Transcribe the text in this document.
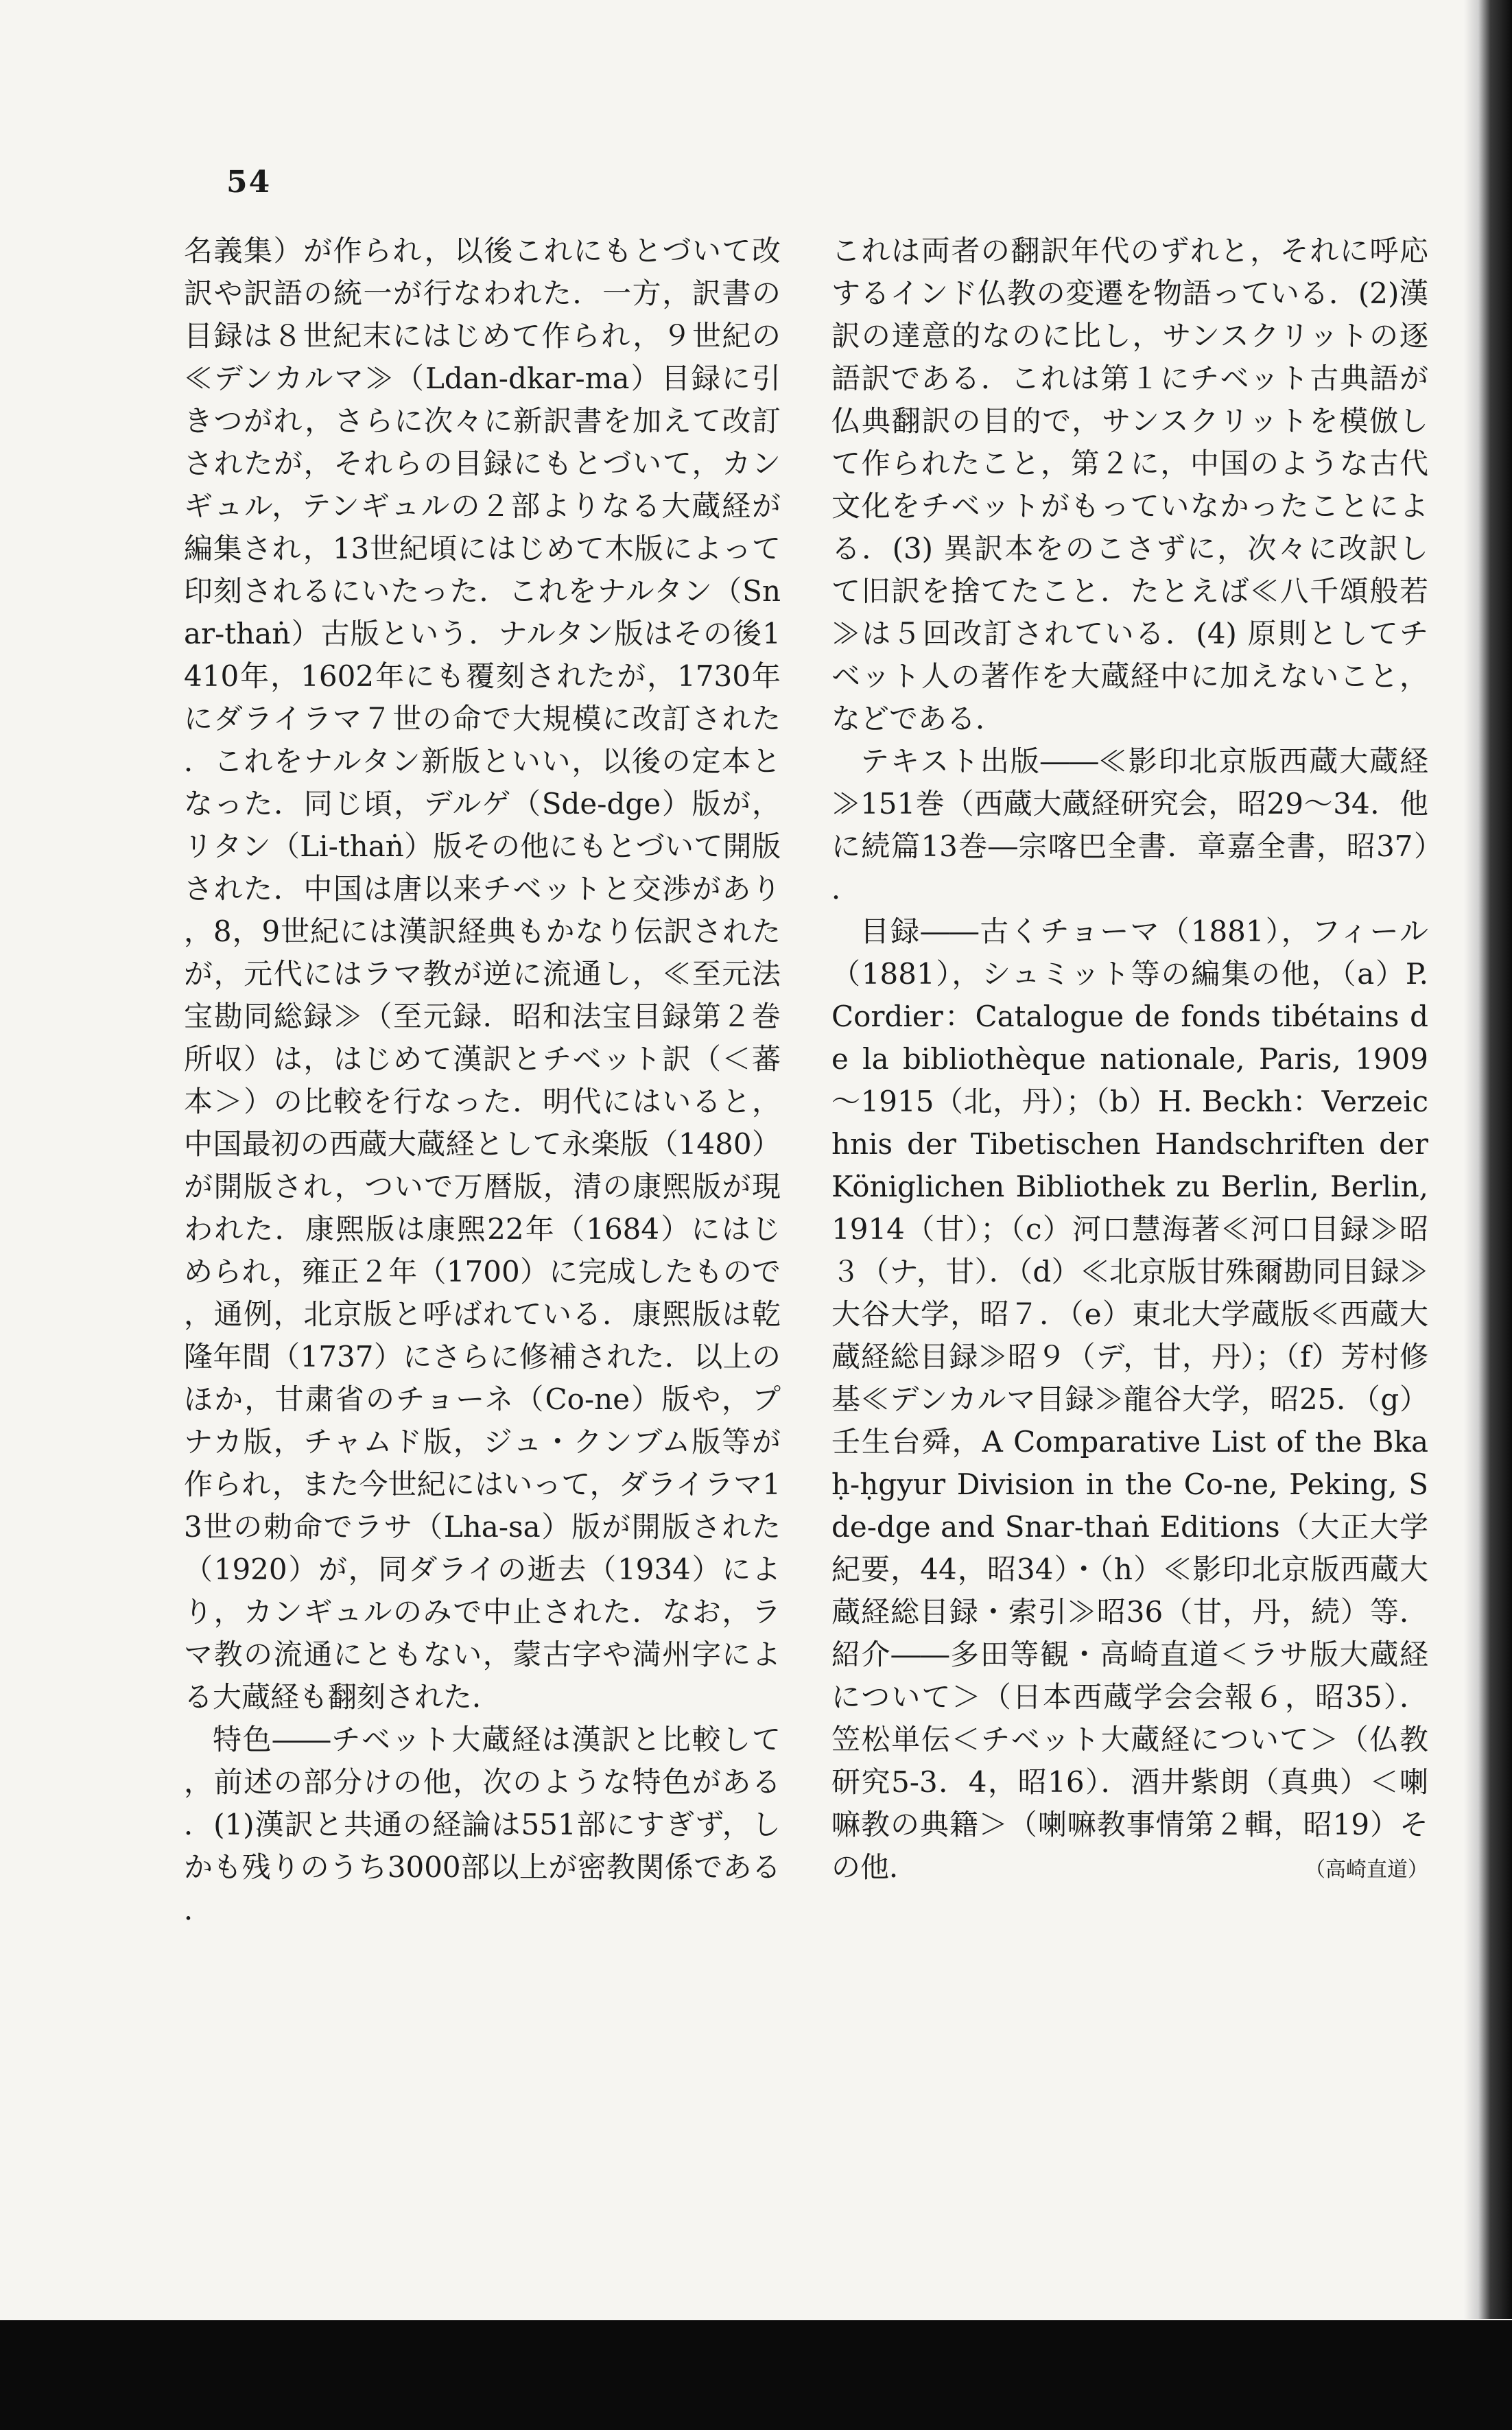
54

名義集）が作られ，以後これにもとづいて改訳や訳語の統一が行なわれた．一方，訳書の目録は８世紀末にはじめて作られ，９世紀の≪デンカルマ≫（Ldan-dkar-ma）目録に引きつがれ，さらに次々に新訳書を加えて改訂されたが，それらの目録にもとづいて，カンギュル，テンギュルの２部よりなる大蔵経が編集され，13世紀頃にはじめて木版によって印刻されるにいたった．これをナルタン（Snar-thaṅ）古版という．ナルタン版はその後1410年，1602年にも覆刻されたが，1730年にダライラマ７世の命で大規模に改訂された．これをナルタン新版といい，以後の定本となった．同じ頃，デルゲ（Sde-dge）版が，リタン（Li-thaṅ）版その他にもとづいて開版された．中国は唐以来チベットと交渉があり，8，9世紀には漢訳経典もかなり伝訳されたが，元代にはラマ教が逆に流通し，≪至元法宝勘同総録≫（至元録．昭和法宝目録第２巻所収）は，はじめて漢訳とチベット訳（＜蕃本＞）の比較を行なった．明代にはいると，中国最初の西蔵大蔵経として永楽版（1480）が開版され，ついで万暦版，清の康煕版が現われた．康煕版は康煕22年（1684）にはじめられ，雍正２年（1700）に完成したもので，通例，北京版と呼ばれている．康煕版は乾隆年間（1737）にさらに修補された．以上のほか，甘粛省のチョーネ（Co-ne）版や，プナカ版，チャムド版，ジュ・クンブム版等が作られ，また今世紀にはいって，ダライラマ13世の勅命でラサ（Lha-sa）版が開版された（1920）が，同ダライの逝去（1934）により，カンギュルのみで中止された．なお，ラマ教の流通にともない，蒙古字や満州字による大蔵経も翻刻された．

特色――チベット大蔵経は漢訳と比較して，前述の部分けの他，次のような特色がある．(1)漢訳と共通の経論は551部にすぎず，しかも残りのうち3000部以上が密教関係である．

これは両者の翻訳年代のずれと，それに呼応するインド仏教の変遷を物語っている．(2)漢訳の達意的なのに比し，サンスクリットの逐語訳である．これは第１にチベット古典語が仏典翻訳の目的で，サンスクリットを模倣して作られたこと，第２に，中国のような古代文化をチベットがもっていなかったことによる．(3) 異訳本をのこさずに，次々に改訳して旧訳を捨てたこと．たとえば≪八千頌般若≫は５回改訂されている．(4) 原則としてチベット人の著作を大蔵経中に加えないこと，などである．

テキスト出版――≪影印北京版西蔵大蔵経≫151巻（西蔵大蔵経研究会，昭29～34．他に続篇13巻―宗喀巴全書．章嘉全書，昭37）．

目録――古くチョーマ（1881），フィール（1881），シュミット等の編集の他，（a）P. Cordier：Catalogue de fonds tibétains de la bibliothèque nationale, Paris, 1909～1915（北，丹）；（b）H. Beckh：Verzeichnis der Tibetischen Handschriften der Königlichen Bibliothek zu Berlin, Berlin, 1914（甘）；（c）河口慧海著≪河口目録≫昭３（ナ，甘）．（d）≪北京版甘殊爾勘同目録≫大谷大学，昭７．（e）東北大学蔵版≪西蔵大蔵経総目録≫昭９（デ，甘，丹）；（f）芳村修基≪デンカルマ目録≫龍谷大学，昭25．（g）壬生台舜，A Comparative List of the Bkaḥ-ḥgyur Division in the Co-ne, Peking, Sde-dge and Snar-thaṅ Editions（大正大学紀要，44，昭34）・（h）≪影印北京版西蔵大蔵経総目録・索引≫昭36（甘，丹，続）等．紹介――多田等観・高崎直道＜ラサ版大蔵経について＞（日本西蔵学会会報６，昭35）．笠松単伝＜チベット大蔵経について＞（仏教研究5-3．4，昭16）．酒井紫朗（真典）＜喇嘛教の典籍＞（喇嘛教事情第２輯，昭19）その他．	（高崎直道）
